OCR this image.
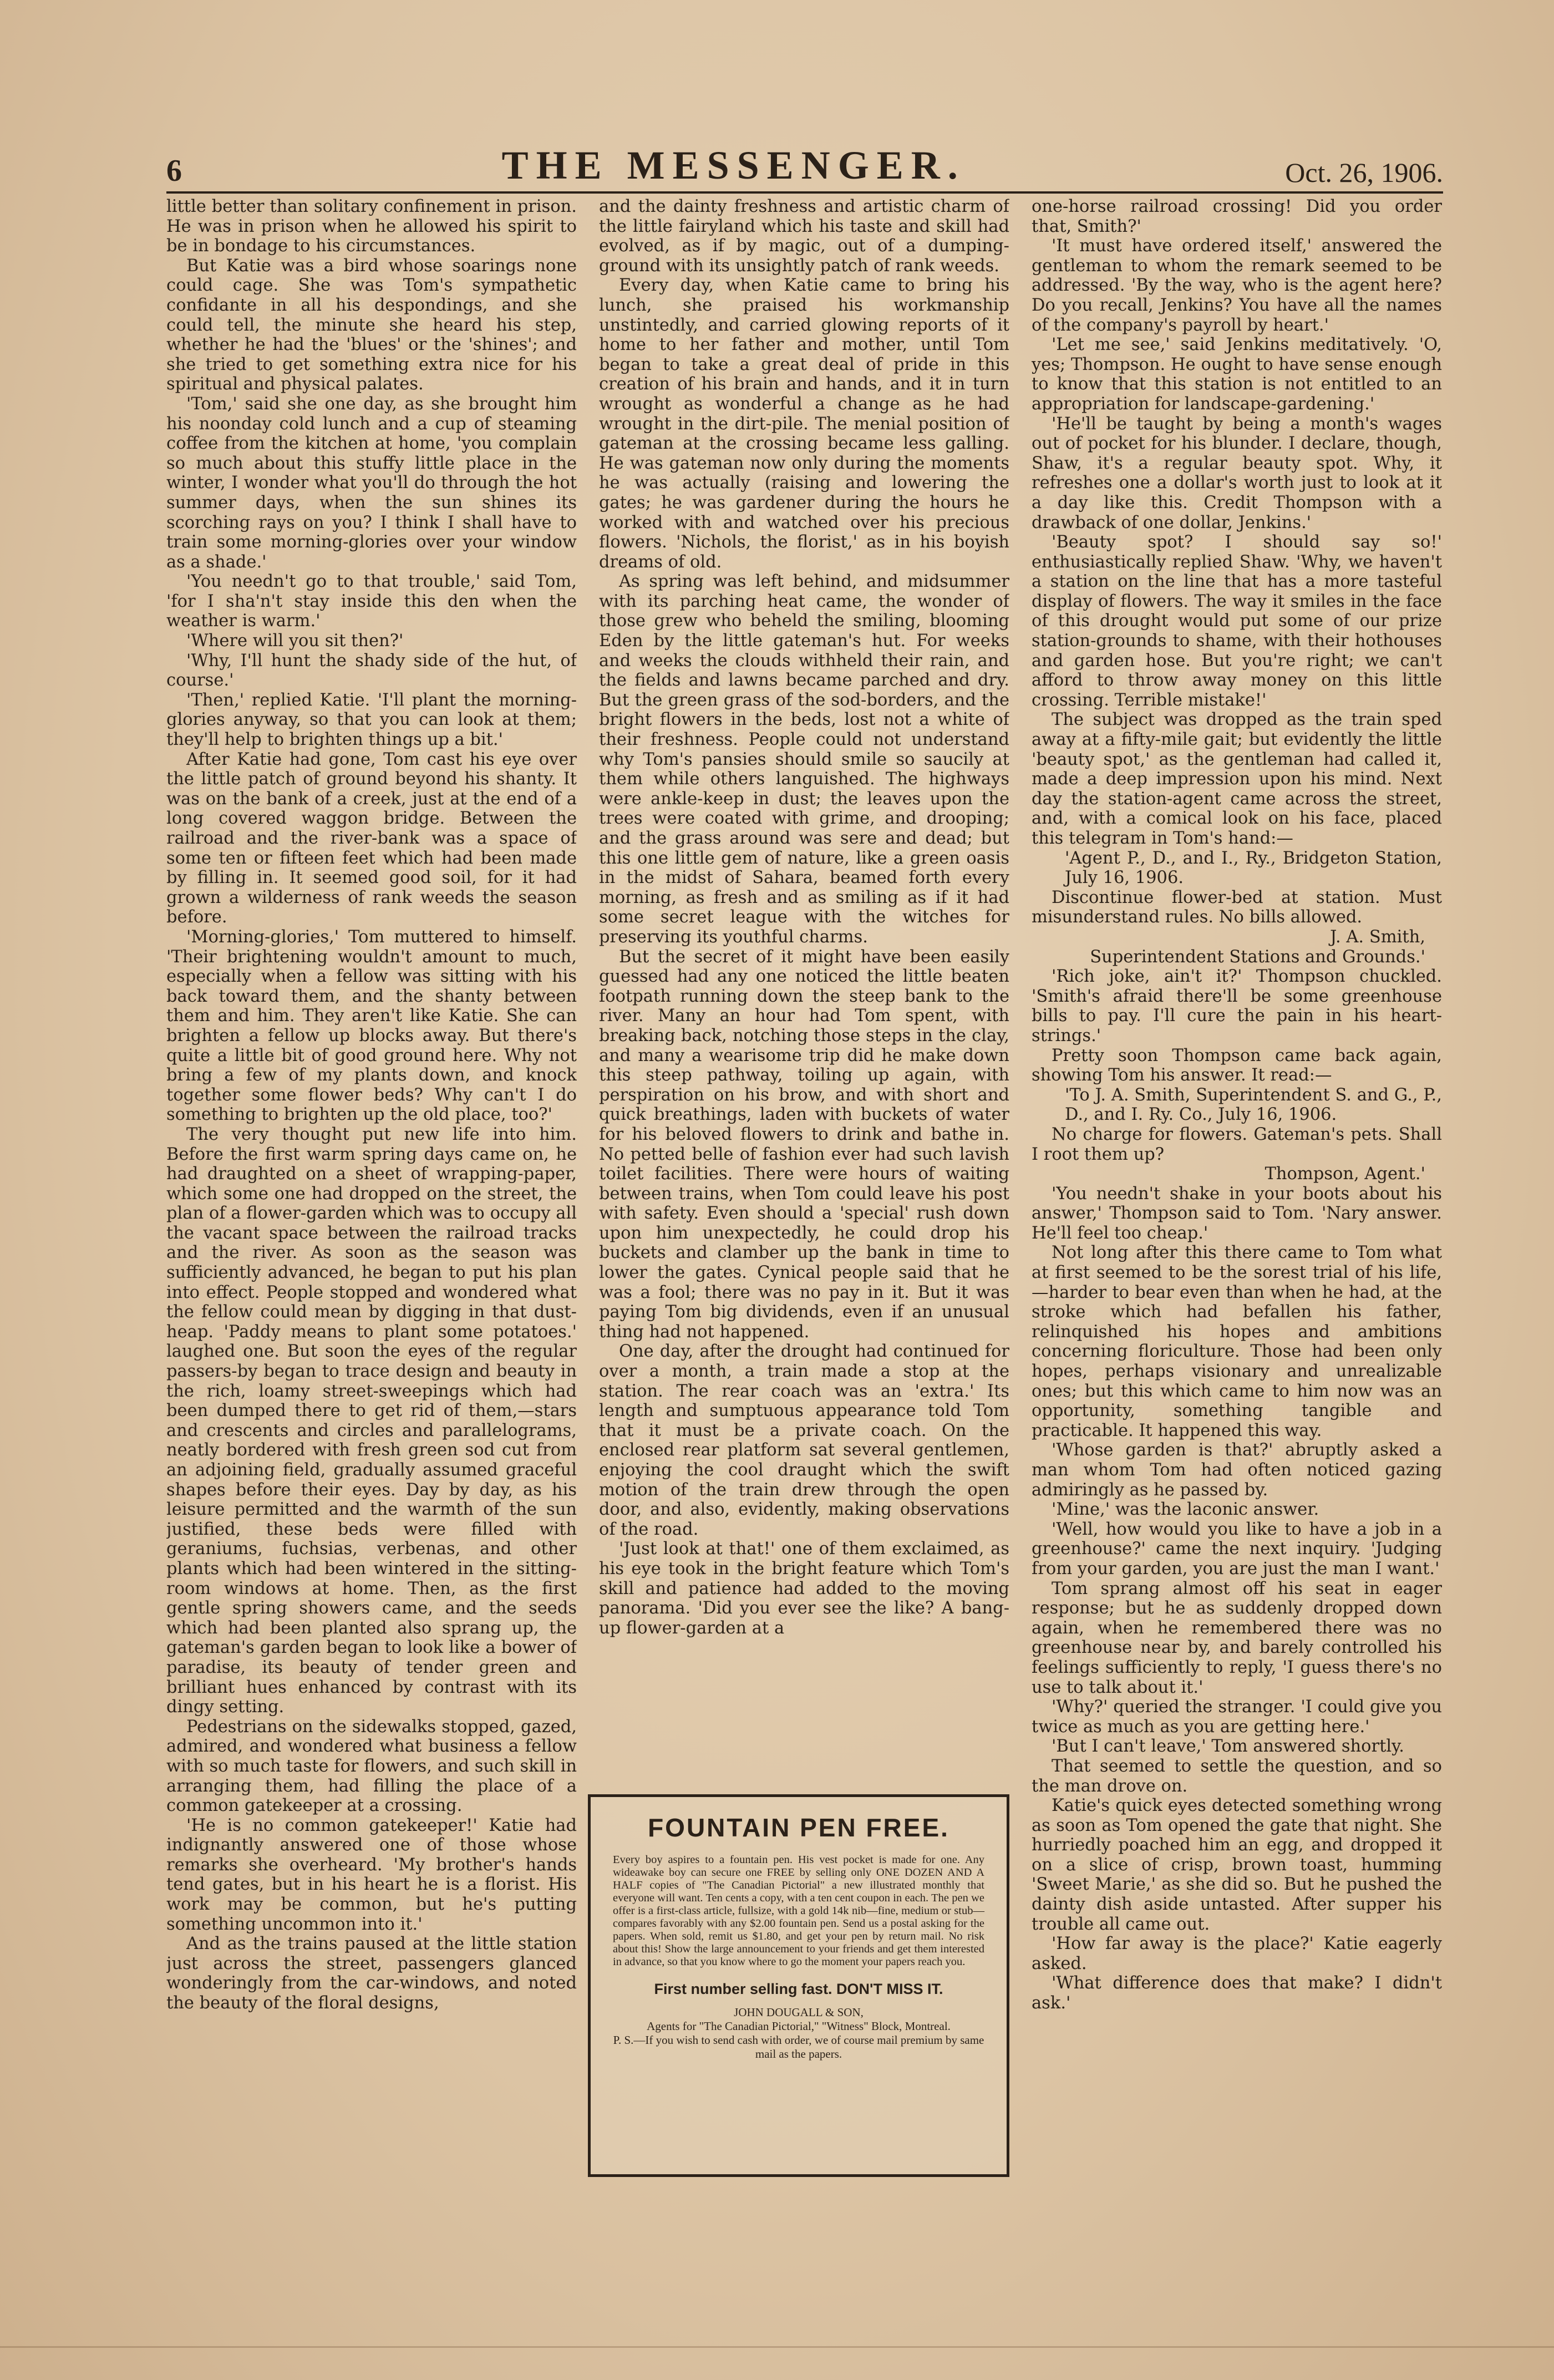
6	THE MESSENGER.	Oct. 26, 1906.

little better than solitary confinement in prison. He was in prison when he allowed his spirit to be in bondage to his circumstances.

But Katie was a bird whose soarings none could cage. She was Tom's sympathetic confidante in all his despondings, and she could tell, the minute she heard his step, whether he had the 'blues' or the 'shines'; and she tried to get something extra nice for his spiritual and physical palates.

'Tom,' said she one day, as she brought him his noonday cold lunch and a cup of steaming coffee from the kitchen at home, 'you complain so much about this stuffy little place in the winter, I wonder what you'll do through the hot summer days, when the sun shines its scorching rays on you? I think I shall have to train some morning-glories over your window as a shade.'

'You needn't go to that trouble,' said Tom, 'for I sha'n't stay inside this den when the weather is warm.'

'Where will you sit then?'

'Why, I'll hunt the shady side of the hut, of course.'

'Then,' replied Katie. 'I'll plant the morning-glories anyway, so that you can look at them; they'll help to brighten things up a bit.'

After Katie had gone, Tom cast his eye over the little patch of ground beyond his shanty. It was on the bank of a creek, just at the end of a long covered waggon bridge. Between the railroad and the river-bank was a space of some ten or fifteen feet which had been made by filling in. It seemed good soil, for it had grown a wilderness of rank weeds the season before.

'Morning-glories,' Tom muttered to himself. 'Their brightening wouldn't amount to much, especially when a fellow was sitting with his back toward them, and the shanty between them and him. They aren't like Katie. She can brighten a fellow up blocks away. But there's quite a little bit of good ground here. Why not bring a few of my plants down, and knock together some flower beds? Why can't I do something to brighten up the old place, too?'

The very thought put new life into him. Before the first warm spring days came on, he had draughted on a sheet of wrapping-paper, which some one had dropped on the street, the plan of a flower-garden which was to occupy all the vacant space between the railroad tracks and the river. As soon as the season was sufficiently advanced, he began to put his plan into effect. People stopped and wondered what the fellow could mean by digging in that dust-heap. 'Paddy means to plant some potatoes.' laughed one. But soon the eyes of the regular passers-by began to trace design and beauty in the rich, loamy street-sweepings which had been dumped there to get rid of them,—stars and crescents and circles and parallelograms, neatly bordered with fresh green sod cut from an adjoining field, gradually assumed graceful shapes before their eyes. Day by day, as his leisure permitted and the warmth of the sun justified, these beds were filled with geraniums, fuchsias, verbenas, and other plants which had been wintered in the sitting-room windows at home. Then, as the first gentle spring showers came, and the seeds which had been planted also sprang up, the gateman's garden began to look like a bower of paradise, its beauty of tender green and brilliant hues enhanced by contrast with its dingy setting.

Pedestrians on the sidewalks stopped, gazed, admired, and wondered what business a fellow with so much taste for flowers, and such skill in arranging them, had filling the place of a common gatekeeper at a crossing.

'He is no common gatekeeper!' Katie had indignantly answered one of those whose remarks she overheard. 'My brother's hands tend gates, but in his heart he is a florist. His work may be common, but he's putting something uncommon into it.'

And as the trains paused at the little station just across the street, passengers glanced wonderingly from the car-windows, and noted the beauty of the floral designs,

and the dainty freshness and artistic charm of the little fairyland which his taste and skill had evolved, as if by magic, out of a dumping-ground with its unsightly patch of rank weeds.

Every day, when Katie came to bring his lunch, she praised his workmanship unstintedly, and carried glowing reports of it home to her father and mother, until Tom began to take a great deal of pride in this creation of his brain and hands, and it in turn wrought as wonderful a change as he had wrought in the dirt-pile. The menial position of gateman at the crossing became less galling. He was gateman now only during the moments he was actually (raising and lowering the gates; he was gardener during the hours he worked with and watched over his precious flowers. 'Nichols, the florist,' as in his boyish dreams of old.

As spring was left behind, and midsummer with its parching heat came, the wonder of those grew who beheld the smiling, blooming Eden by the little gateman's hut. For weeks and weeks the clouds withheld their rain, and the fields and lawns became parched and dry. But the green grass of the sod-borders, and the bright flowers in the beds, lost not a white of their freshness. People could not understand why Tom's pansies should smile so saucily at them while others languished. The highways were ankle-keep in dust; the leaves upon the trees were coated with grime, and drooping; and the grass around was sere and dead; but this one little gem of nature, like a green oasis in the midst of Sahara, beamed forth every morning, as fresh and as smiling as if it had some secret league with the witches for preserving its youthful charms.

But the secret of it might have been easily guessed had any one noticed the little beaten footpath running down the steep bank to the river. Many an hour had Tom spent, with breaking back, notching those steps in the clay, and many a wearisome trip did he make down this steep pathway, toiling up again, with perspiration on his brow, and with short and quick breathings, laden with buckets of water for his beloved flowers to drink and bathe in. No petted belle of fashion ever had such lavish toilet facilities. There were hours of waiting between trains, when Tom could leave his post with safety. Even should a 'special' rush down upon him unexpectedly, he could drop his buckets and clamber up the bank in time to lower the gates. Cynical people said that he was a fool; there was no pay in it. But it was paying Tom big dividends, even if an unusual thing had not happened.

One day, after the drought had continued for over a month, a train made a stop at the station. The rear coach was an 'extra.' Its length and sumptuous appearance told Tom that it must be a private coach. On the enclosed rear platform sat several gentlemen, enjoying the cool draught which the swift motion of the train drew through the open door, and also, evidently, making observations of the road.

'Just look at that!' one of them exclaimed, as his eye took in the bright feature which Tom's skill and patience had added to the moving panorama. 'Did you ever see the like? A bang-up flower-garden at a

one-horse railroad crossing! Did you order that, Smith?'

'It must have ordered itself,' answered the gentleman to whom the remark seemed to be addressed. 'By the way, who is the agent here? Do you recall, Jenkins? You have all the names of the company's payroll by heart.'

'Let me see,' said Jenkins meditatively. 'O, yes; Thompson. He ought to have sense enough to know that this station is not entitled to an appropriation for landscape-gardening.'

'He'll be taught by being a month's wages out of pocket for his blunder. I declare, though, Shaw, it's a regular beauty spot. Why, it refreshes one a dollar's worth just to look at it a day like this. Credit Thompson with a drawback of one dollar, Jenkins.'

'Beauty spot? I should say so!' enthusiastically replied Shaw. 'Why, we haven't a station on the line that has a more tasteful display of flowers. The way it smiles in the face of this drought would put some of our prize station-grounds to shame, with their hothouses and garden hose. But you're right; we can't afford to throw away money on this little crossing. Terrible mistake!'

The subject was dropped as the train sped away at a fifty-mile gait; but evidently the little 'beauty spot,' as the gentleman had called it, made a deep impression upon his mind. Next day the station-agent came across the street, and, with a comical look on his face, placed this telegram in Tom's hand:—

'Agent P., D., and I., Ry., Bridgeton Station, July 16, 1906.

Discontinue flower-bed at station. Must misunderstand rules. No bills allowed.

J. A. Smith,

Superintendent Stations and Grounds.'

'Rich joke, ain't it?' Thompson chuckled. 'Smith's afraid there'll be some greenhouse bills to pay. I'll cure the pain in his heart-strings.'

Pretty soon Thompson came back again, showing Tom his answer. It read:—

'To J. A. Smith, Superintendent S. and G., P., D., and I. Ry. Co., July 16, 1906.

No charge for flowers. Gateman's pets. Shall I root them up?

Thompson, Agent.'

'You needn't shake in your boots about his answer,' Thompson said to Tom. 'Nary answer. He'll feel too cheap.'

Not long after this there came to Tom what at first seemed to be the sorest trial of his life,—harder to bear even than when he had, at the stroke which had befallen his father, relinquished his hopes and ambitions concerning floriculture. Those had been only hopes, perhaps visionary and unrealizable ones; but this which came to him now was an opportunity, something tangible and practicable. It happened this way.

'Whose garden is that?' abruptly asked a man whom Tom had often noticed gazing admiringly as he passed by.

'Mine,' was the laconic answer.

'Well, how would you like to have a job in a greenhouse?' came the next inquiry. 'Judging from your garden, you are just the man I want.'

Tom sprang almost off his seat in eager response; but he as suddenly dropped down again, when he remembered there was no greenhouse near by, and barely controlled his feelings sufficiently to reply, 'I guess there's no use to talk about it.'

'Why?' queried the stranger. 'I could give you twice as much as you are getting here.'

'But I can't leave,' Tom answered shortly.

That seemed to settle the question, and so the man drove on.

Katie's quick eyes detected something wrong as soon as Tom opened the gate that night. She hurriedly poached him an egg, and dropped it on a slice of crisp, brown toast, humming 'Sweet Marie,' as she did so. But he pushed the dainty dish aside untasted. After supper his trouble all came out.

'How far away is the place?' Katie eagerly asked.

'What difference does that make? I didn't ask.'

FOUNTAIN PEN FREE.
Every boy aspires to a fountain pen. His vest pocket is made for one. Any wideawake boy can secure one FREE by selling only ONE DOZEN AND A HALF copies of "The Canadian Pictorial" a new illustrated monthly that everyone will want. Ten cents a copy, with a ten cent coupon in each. The pen we offer is a first-class article, fullsize, with a gold 14k nib—fine, medium or stub—compares favorably with any $2.00 fountain pen. Send us a postal asking for the papers. When sold, remit us $1.80, and get your pen by return mail. No risk about this! Show the large announcement to your friends and get them interested in advance, so that you know where to go the moment your papers reach you.
First number selling fast. DON'T MISS IT.
JOHN DOUGALL & SON,
Agents for "The Canadian Pictorial," "Witness" Block, Montreal.
P. S.—If you wish to send cash with order, we of course mail premium by same mail as the papers.
